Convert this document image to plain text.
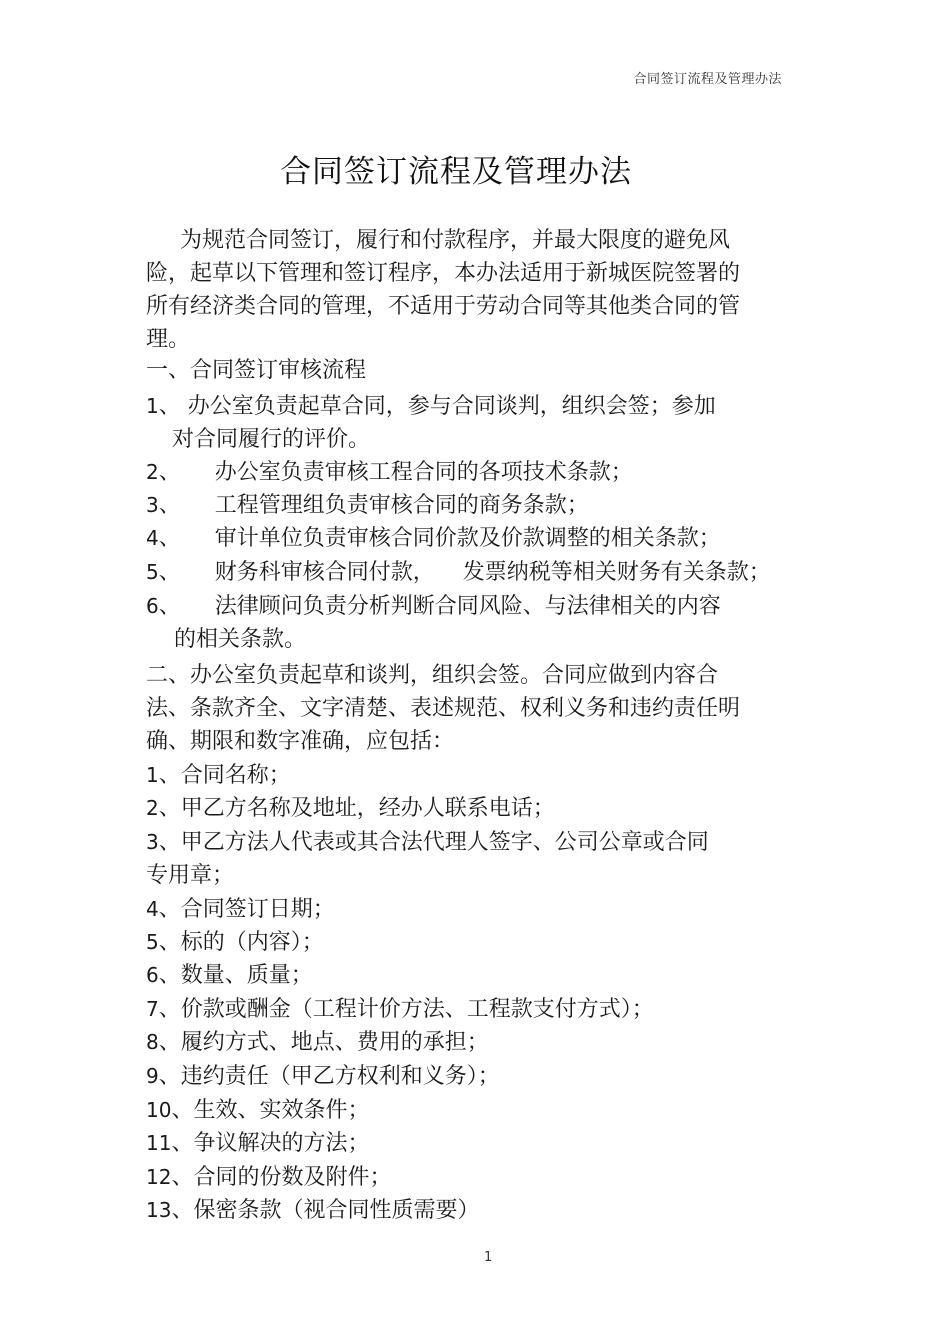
合同签订流程及管理办法
合同签订流程及管理办法

为规范合同签订，履行和付款程序，并最大限度的避免风险，起草以下管理和签订程序，本办法适用于新城医院签署的所有经济类合同的管理，不适用于劳动合同等其他类合同的管理。

一、合同签订审核流程

1、 办公室负责起草合同，参与合同谈判，组织会签；参加
对合同履行的评价。

2、 办公室负责审核工程合同的各项技术条款；

3、 工程管理组负责审核合同的商务条款；

4、 审计单位负责审核合同价款及价款调整的相关条款；

5、 财务科审核合同付款， 发票纳税等相关财务有关条款；

6、 法律顾问负责分析判断合同风险、与法律相关的内容
的相关条款。

二、办公室负责起草和谈判，组织会签。合同应做到内容合法、条款齐全、文字清楚、表述规范、权利义务和违约责任明确、期限和数字准确，应包括：

1、合同名称；

2、甲乙方名称及地址，经办人联系电话；

3、甲乙方法人代表或其合法代理人签字、公司公章或合同
专用章；

4、合同签订日期；

5、标的（内容）；

6、数量、质量；

7、价款或酬金（工程计价方法、工程款支付方式）；

8、履约方式、地点、费用的承担；

9、违约责任（甲乙方权利和义务）；

10、生效、实效条件；

11、争议解决的方法；

12、合同的份数及附件；

13、保密条款（视合同性质需要）

1
